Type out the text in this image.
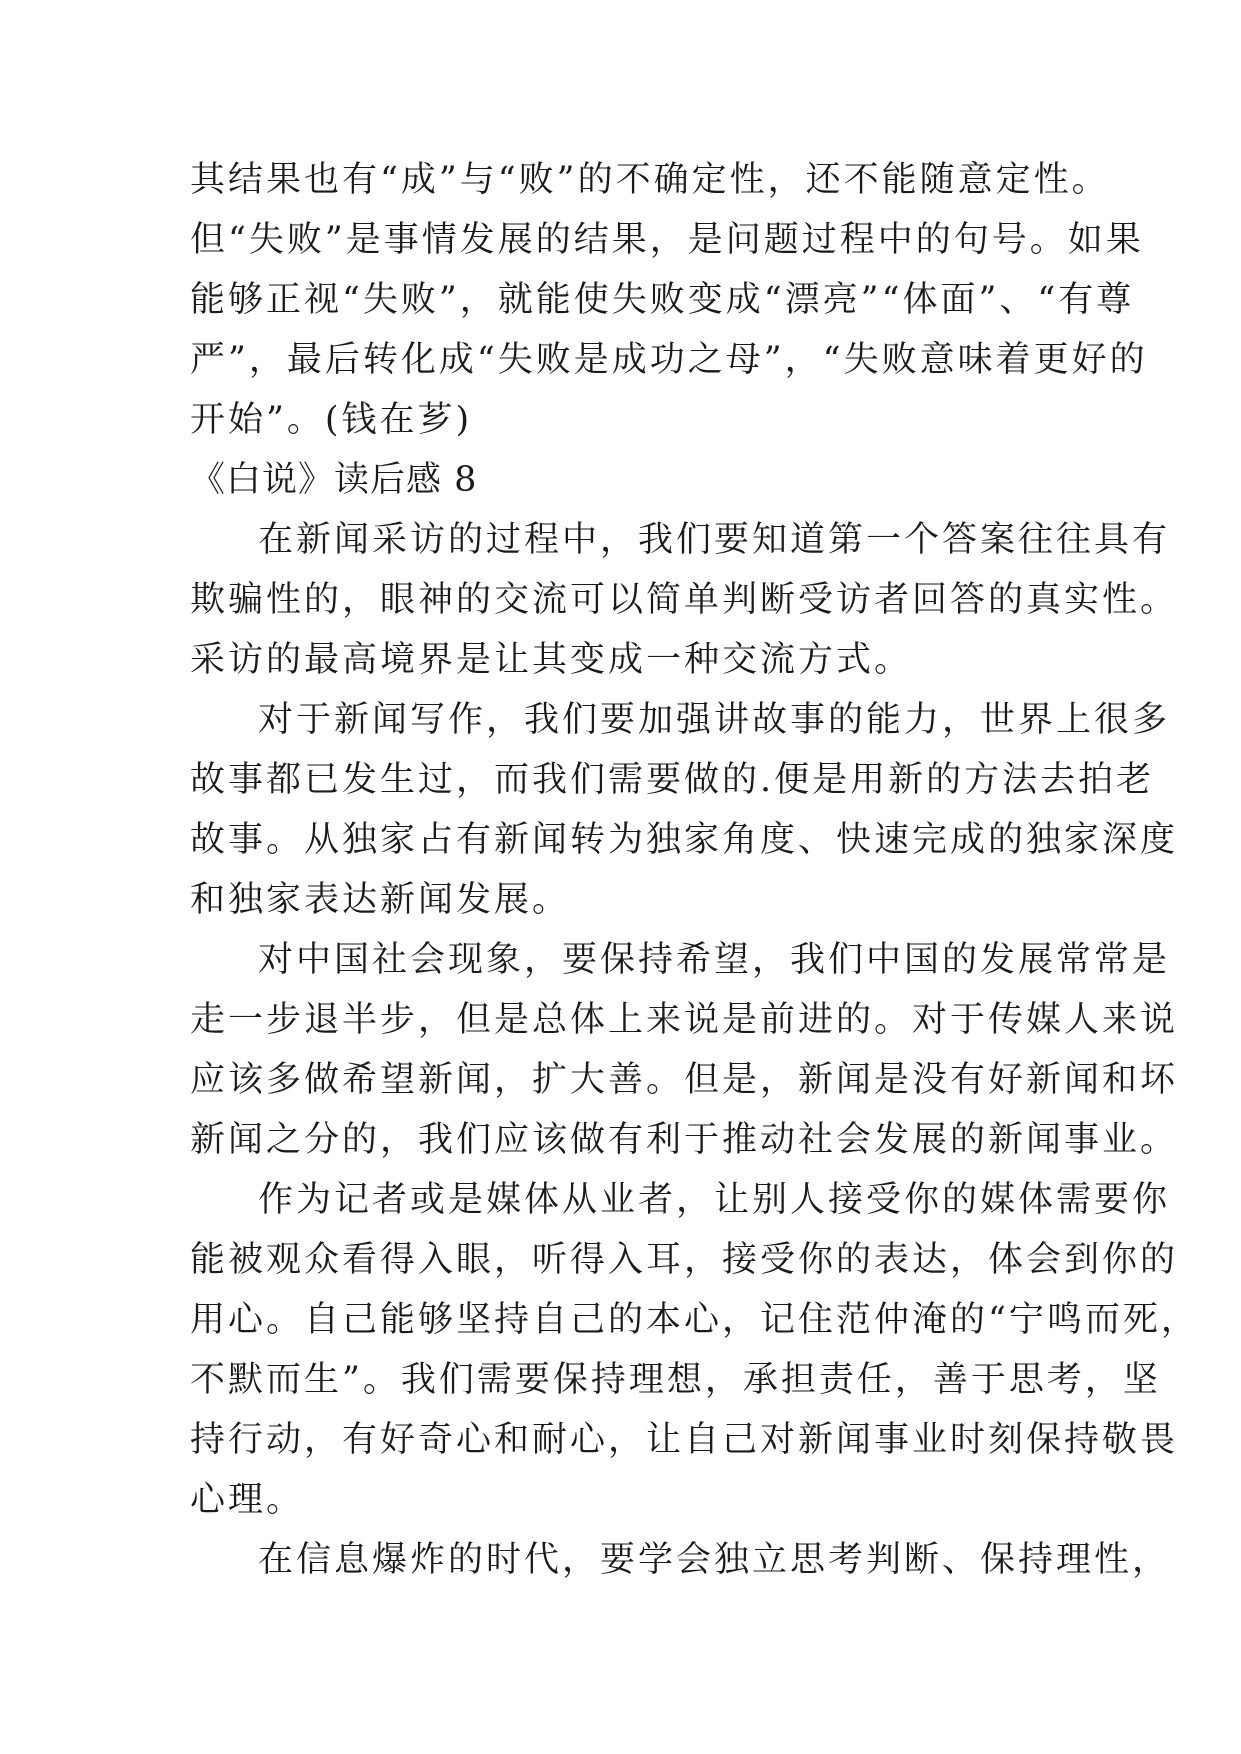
其结果也有“成”与“败”的不确定性，还不能随意定性。
但“失败”是事情发展的结果，是问题过程中的句号。如果
能够正视“失败”，就能使失败变成“漂亮”“体面”、“有尊
严”，最后转化成“失败是成功之母”，“失败意味着更好的
开始”。(钱在芗)
《白说》读后感 8
在新闻采访的过程中，我们要知道第一个答案往往具有
欺骗性的，眼神的交流可以简单判断受访者回答的真实性。
采访的最高境界是让其变成一种交流方式。
对于新闻写作，我们要加强讲故事的能力，世界上很多
故事都已发生过，而我们需要做的.便是用新的方法去拍老
故事。从独家占有新闻转为独家角度、快速完成的独家深度
和独家表达新闻发展。
对中国社会现象，要保持希望，我们中国的发展常常是
走一步退半步，但是总体上来说是前进的。对于传媒人来说
应该多做希望新闻，扩大善。但是，新闻是没有好新闻和坏
新闻之分的，我们应该做有利于推动社会发展的新闻事业。
作为记者或是媒体从业者，让别人接受你的媒体需要你
能被观众看得入眼，听得入耳，接受你的表达，体会到你的
用心。自己能够坚持自己的本心，记住范仲淹的“宁鸣而死，
不默而生”。我们需要保持理想，承担责任，善于思考，坚
持行动，有好奇心和耐心，让自己对新闻事业时刻保持敬畏
心理。
在信息爆炸的时代，要学会独立思考判断、保持理性，
